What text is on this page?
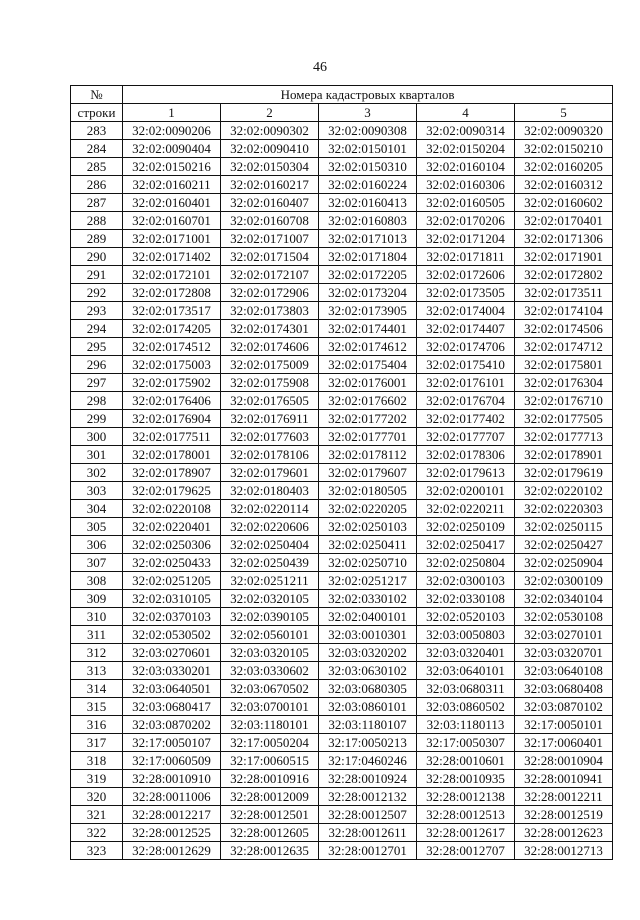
46
№	Номера кадастровых кварталов				
строки	1	2	3	4	5
283	32:02:0090206	32:02:0090302	32:02:0090308	32:02:0090314	32:02:0090320
284	32:02:0090404	32:02:0090410	32:02:0150101	32:02:0150204	32:02:0150210
285	32:02:0150216	32:02:0150304	32:02:0150310	32:02:0160104	32:02:0160205
286	32:02:0160211	32:02:0160217	32:02:0160224	32:02:0160306	32:02:0160312
287	32:02:0160401	32:02:0160407	32:02:0160413	32:02:0160505	32:02:0160602
288	32:02:0160701	32:02:0160708	32:02:0160803	32:02:0170206	32:02:0170401
289	32:02:0171001	32:02:0171007	32:02:0171013	32:02:0171204	32:02:0171306
290	32:02:0171402	32:02:0171504	32:02:0171804	32:02:0171811	32:02:0171901
291	32:02:0172101	32:02:0172107	32:02:0172205	32:02:0172606	32:02:0172802
292	32:02:0172808	32:02:0172906	32:02:0173204	32:02:0173505	32:02:0173511
293	32:02:0173517	32:02:0173803	32:02:0173905	32:02:0174004	32:02:0174104
294	32:02:0174205	32:02:0174301	32:02:0174401	32:02:0174407	32:02:0174506
295	32:02:0174512	32:02:0174606	32:02:0174612	32:02:0174706	32:02:0174712
296	32:02:0175003	32:02:0175009	32:02:0175404	32:02:0175410	32:02:0175801
297	32:02:0175902	32:02:0175908	32:02:0176001	32:02:0176101	32:02:0176304
298	32:02:0176406	32:02:0176505	32:02:0176602	32:02:0176704	32:02:0176710
299	32:02:0176904	32:02:0176911	32:02:0177202	32:02:0177402	32:02:0177505
300	32:02:0177511	32:02:0177603	32:02:0177701	32:02:0177707	32:02:0177713
301	32:02:0178001	32:02:0178106	32:02:0178112	32:02:0178306	32:02:0178901
302	32:02:0178907	32:02:0179601	32:02:0179607	32:02:0179613	32:02:0179619
303	32:02:0179625	32:02:0180403	32:02:0180505	32:02:0200101	32:02:0220102
304	32:02:0220108	32:02:0220114	32:02:0220205	32:02:0220211	32:02:0220303
305	32:02:0220401	32:02:0220606	32:02:0250103	32:02:0250109	32:02:0250115
306	32:02:0250306	32:02:0250404	32:02:0250411	32:02:0250417	32:02:0250427
307	32:02:0250433	32:02:0250439	32:02:0250710	32:02:0250804	32:02:0250904
308	32:02:0251205	32:02:0251211	32:02:0251217	32:02:0300103	32:02:0300109
309	32:02:0310105	32:02:0320105	32:02:0330102	32:02:0330108	32:02:0340104
310	32:02:0370103	32:02:0390105	32:02:0400101	32:02:0520103	32:02:0530108
311	32:02:0530502	32:02:0560101	32:03:0010301	32:03:0050803	32:03:0270101
312	32:03:0270601	32:03:0320105	32:03:0320202	32:03:0320401	32:03:0320701
313	32:03:0330201	32:03:0330602	32:03:0630102	32:03:0640101	32:03:0640108
314	32:03:0640501	32:03:0670502	32:03:0680305	32:03:0680311	32:03:0680408
315	32:03:0680417	32:03:0700101	32:03:0860101	32:03:0860502	32:03:0870102
316	32:03:0870202	32:03:1180101	32:03:1180107	32:03:1180113	32:17:0050101
317	32:17:0050107	32:17:0050204	32:17:0050213	32:17:0050307	32:17:0060401
318	32:17:0060509	32:17:0060515	32:17:0460246	32:28:0010601	32:28:0010904
319	32:28:0010910	32:28:0010916	32:28:0010924	32:28:0010935	32:28:0010941
320	32:28:0011006	32:28:0012009	32:28:0012132	32:28:0012138	32:28:0012211
321	32:28:0012217	32:28:0012501	32:28:0012507	32:28:0012513	32:28:0012519
322	32:28:0012525	32:28:0012605	32:28:0012611	32:28:0012617	32:28:0012623
323	32:28:0012629	32:28:0012635	32:28:0012701	32:28:0012707	32:28:0012713
